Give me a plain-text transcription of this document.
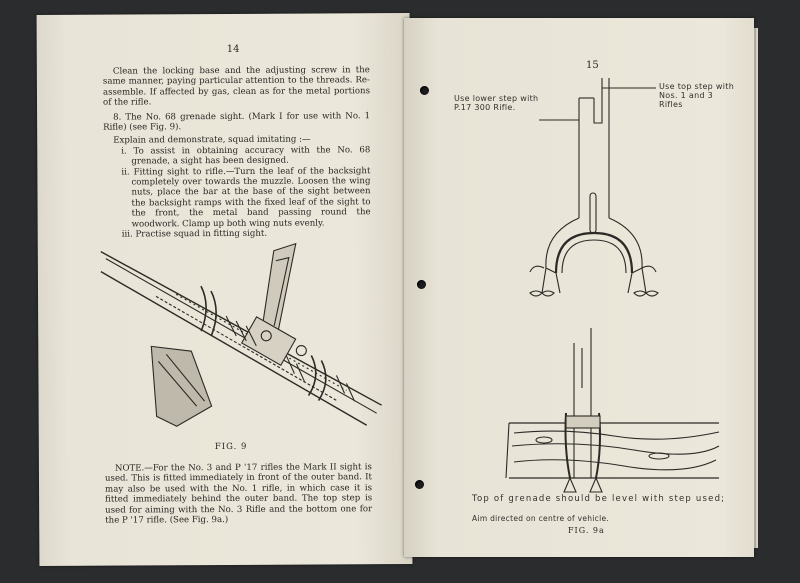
14

Clean the locking base and the adjusting screw in the same manner, paying particular attention to the threads. Re-assemble. If affected by gas, clean as for the metal portions of the rifle.

8. The No. 68 grenade sight. (Mark I for use with No. 1 Rifle) (see Fig. 9).

Explain and demonstrate, squad imitating :—

i. To assist in obtaining accuracy with the No. 68 grenade, a sight has been designed.

ii. Fitting sight to rifle.—Turn the leaf of the backsight completely over towards the muzzle. Loosen the wing nuts, place the bar at the base of the sight between the backsight ramps with the fixed leaf of the sight to the front, the metal band passing round the woodwork. Clamp up both wing nuts evenly.

iii. Practise squad in fitting sight.

FIG. 9

NOTE.—For the No. 3 and P '17 rifles the Mark II sight is used. This is fitted immediately in front of the outer band. It may also be used with the No. 1 rifle, in which case it is fitted immediately behind the outer band. The top step is used for aiming with the No. 3 Rifle and the bottom one for the P '17 rifle. (See Fig. 9a.)

15
Use lower step with P.17 300 Rifle.
Use top step with Nos. 1 and 3 Rifles
Top of grenade should be level with step used;
Aim directed on centre of vehicle.
FIG. 9a
